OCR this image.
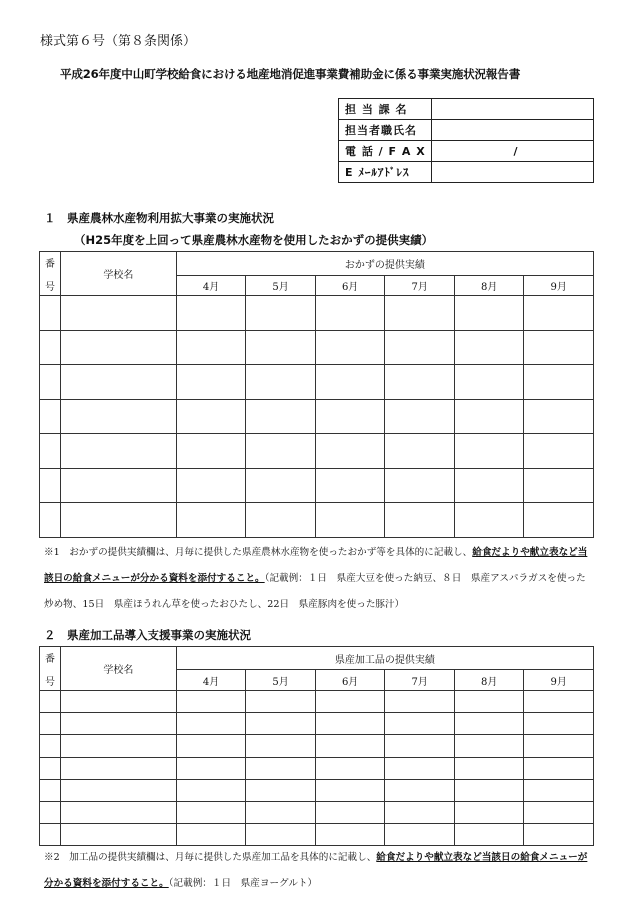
様式第６号（第８条関係）
平成26年度中山町学校給食における地産地消促進事業費補助金に係る事業実施状況報告書
担 当 課 名	
担当者職氏名	
電 話 / F A X	/
E ﾒｰﾙｱﾄﾞﾚｽ	
１　県産農林水産物利用拡大事業の実施状況
（H25年度を上回って県産農林水産物を使用したおかずの提供実績）
番
号	学校名	おかずの提供実績					
		4月	5月	6月	7月	8月	9月

※1　 おかずの提供実績欄は、月毎に提供した県産農林水産物を使ったおかず等を具体的に記載し、給食だよりや献立表など当該日の給食メニューが分かる資料を添付すること。（記載例：１日　県産大豆を使った納豆、８日　県産アスパラガスを使った炒め物、15日　県産ほうれん草を使ったおひたし、22日　県産豚肉を使った豚汁）
２　県産加工品導入支援事業の実施状況
番
号	学校名	県産加工品の提供実績					
		4月	5月	6月	7月	8月	9月

※2　 加工品の提供実績欄は、月毎に提供した県産加工品を具体的に記載し、給食だよりや献立表など当該日の給食メニューが分かる資料を添付すること。（記載例：１日　県産ヨーグルト）
